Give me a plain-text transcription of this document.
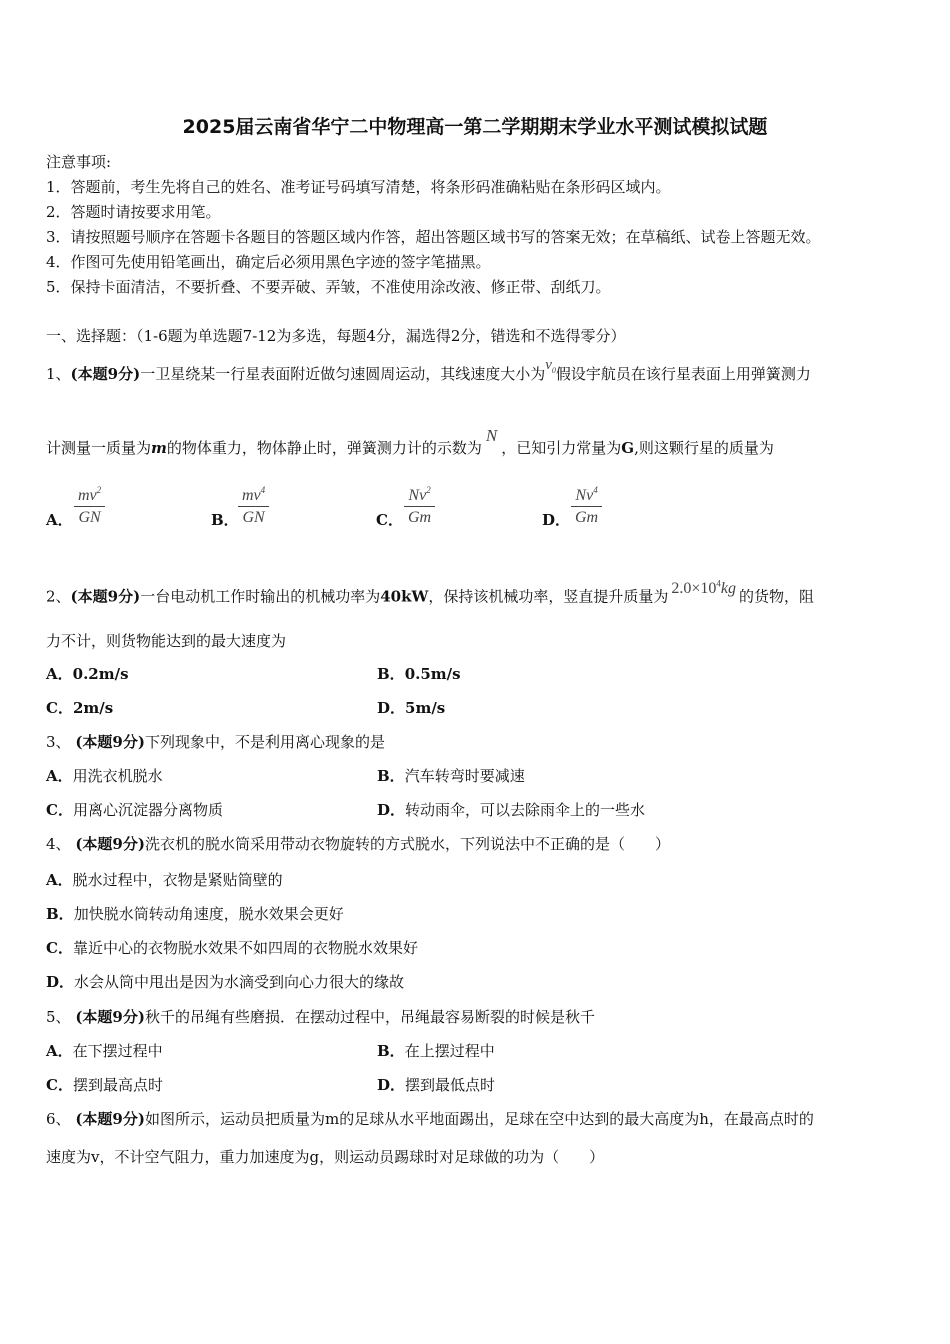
2025届云南省华宁二中物理高一第二学期期末学业水平测试模拟试题
注意事项:
1．答题前，考生先将自己的姓名、准考证号码填写清楚，将条形码准确粘贴在条形码区域内。
2．答题时请按要求用笔。
3．请按照题号顺序在答题卡各题目的答题区域内作答，超出答题区域书写的答案无效；在草稿纸、试卷上答题无效。
4．作图可先使用铅笔画出，确定后必须用黑色字迹的签字笔描黑。
5．保持卡面清洁，不要折叠、不要弄破、弄皱，不准使用涂改液、修正带、刮纸刀。
一、选择题：（1-6题为单选题7-12为多选，每题4分，漏选得2分，错选和不选得零分）
1、(本题9分)一卫星绕某一行星表面附近做匀速圆周运动，其线速度大小为$v_0$假设宇航员在该行星表面上用弹簧测力
计测量一质量为m的物体重力，物体静止时，弹簧测力计的示数为N，已知引力常量为G,则这颗行星的质量为
A．
$mv^2$
GN	B．
$mv^4$
GN	C．
Nv$^2$
Gm	D．
Nv$^4$
Gm
2、(本题9分)一台电动机工作时输出的机械功率为40kW，保持该机械功率，竖直提升质量为 $2.0\times 10^4kg$ 的货物，阻
力不计，则货物能达到的最大速度为
A．0.2m/s	B．0.5m/s
C．2m/s	D．5m/s
3、 (本题9分)下列现象中，不是利用离心现象的是
A．用洗衣机脱水	B．汽车转弯时要减速
C．用离心沉淀器分离物质	D．转动雨伞，可以去除雨伞上的一些水
4、 (本题9分)洗衣机的脱水筒采用带动衣物旋转的方式脱水，下列说法中不正确的是（　　）
A．脱水过程中，衣物是紧贴筒壁的
B．加快脱水筒转动角速度，脱水效果会更好
C．靠近中心的衣物脱水效果不如四周的衣物脱水效果好
D．水会从筒中甩出是因为水滴受到向心力很大的缘故
5、 (本题9分)秋千的吊绳有些磨损．在摆动过程中，吊绳最容易断裂的时候是秋千
A．在下摆过程中	B．在上摆过程中
C．摆到最高点时	D．摆到最低点时
6、 (本题9分)如图所示，运动员把质量为m的足球从水平地面踢出，足球在空中达到的最大高度为h，在最高点时的
速度为v，不计空气阻力，重力加速度为g，则运动员踢球时对足球做的功为（　　）
